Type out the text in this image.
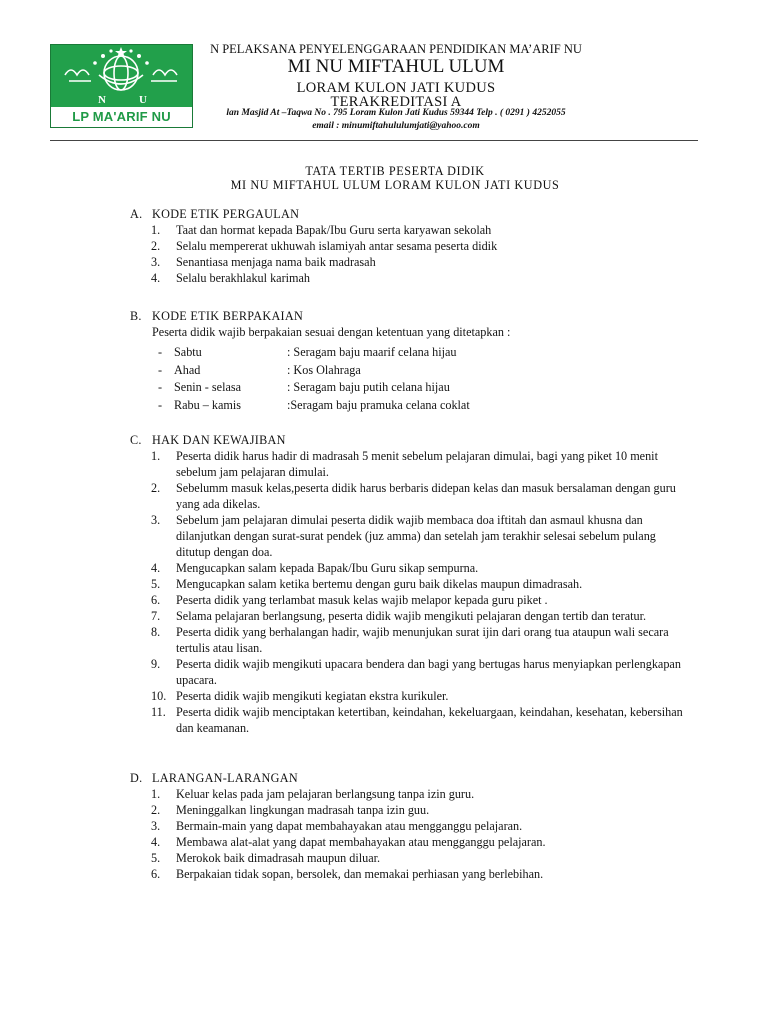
N	U
LP MA'ARIF NU
N PELAKSANA PENYELENGGARAAN PENDIDIKAN MA’ARIF NU
MI NU MIFTAHUL ULUM
LORAM KULON JATI KUDUS
TERAKREDITASI A
lan Masjid At –Taqwa No . 795 Loram Kulon Jati Kudus 59344 Telp . ( 0291 ) 4252055
email : minumiftahululumjati@yahoo.com
TATA TERTIB PESERTA DIDIK
MI NU MIFTAHUL ULUM LORAM KULON JATI KUDUS
A. KODE ETIK PERGAULAN
1. Taat dan hormat kepada Bapak/Ibu Guru serta karyawan sekolah
2. Selalu mempererat ukhuwah islamiyah antar sesama peserta didik
3. Senantiasa menjaga nama baik madrasah
4. Selalu berakhlakul karimah
B. KODE ETIK BERPAKAIAN
Peserta didik wajib berpakaian sesuai dengan ketentuan yang ditetapkan :
- Sabtu	: Seragam baju maarif celana hijau
- Ahad	: Kos Olahraga
- Senin - selasa	: Seragam baju putih celana hijau
- Rabu – kamis	:Seragam baju pramuka celana coklat
C. HAK DAN KEWAJIBAN
1. Peserta didik harus hadir di madrasah 5 menit sebelum pelajaran dimulai, bagi yang piket 10 menit sebelum jam pelajaran dimulai.
2. Sebelumm masuk kelas,peserta didik harus berbaris didepan kelas dan masuk bersalaman dengan guru yang ada dikelas.
3. Sebelum jam pelajaran dimulai peserta didik wajib membaca doa iftitah dan asmaul khusna dan dilanjutkan dengan surat-surat pendek (juz amma) dan setelah jam terakhir selesai sebelum pulang ditutup dengan doa.
4. Mengucapkan salam kepada Bapak/Ibu Guru sikap sempurna.
5. Mengucapkan salam ketika bertemu dengan guru baik dikelas maupun dimadrasah.
6. Peserta didik yang terlambat masuk kelas wajib melapor kepada guru piket .
7. Selama pelajaran berlangsung, peserta didik wajib mengikuti pelajaran dengan tertib dan teratur.
8. Peserta didik yang berhalangan hadir, wajib menunjukan surat ijin dari orang tua ataupun wali secara tertulis atau lisan.
9. Peserta didik wajib mengikuti upacara bendera dan bagi yang bertugas harus menyiapkan perlengkapan upacara.
10. Peserta didik wajib mengikuti kegiatan ekstra kurikuler.
11. Peserta didik wajib menciptakan ketertiban, keindahan, kekeluargaan, keindahan, kesehatan, kebersihan dan keamanan.
D. LARANGAN-LARANGAN
1. Keluar kelas pada jam pelajaran berlangsung tanpa izin guru.
2. Meninggalkan lingkungan madrasah tanpa izin guu.
3. Bermain-main yang dapat membahayakan atau mengganggu pelajaran.
4. Membawa alat-alat yang dapat membahayakan atau mengganggu pelajaran.
5. Merokok baik dimadrasah maupun diluar.
6. Berpakaian tidak sopan, bersolek, dan memakai perhiasan yang berlebihan.
